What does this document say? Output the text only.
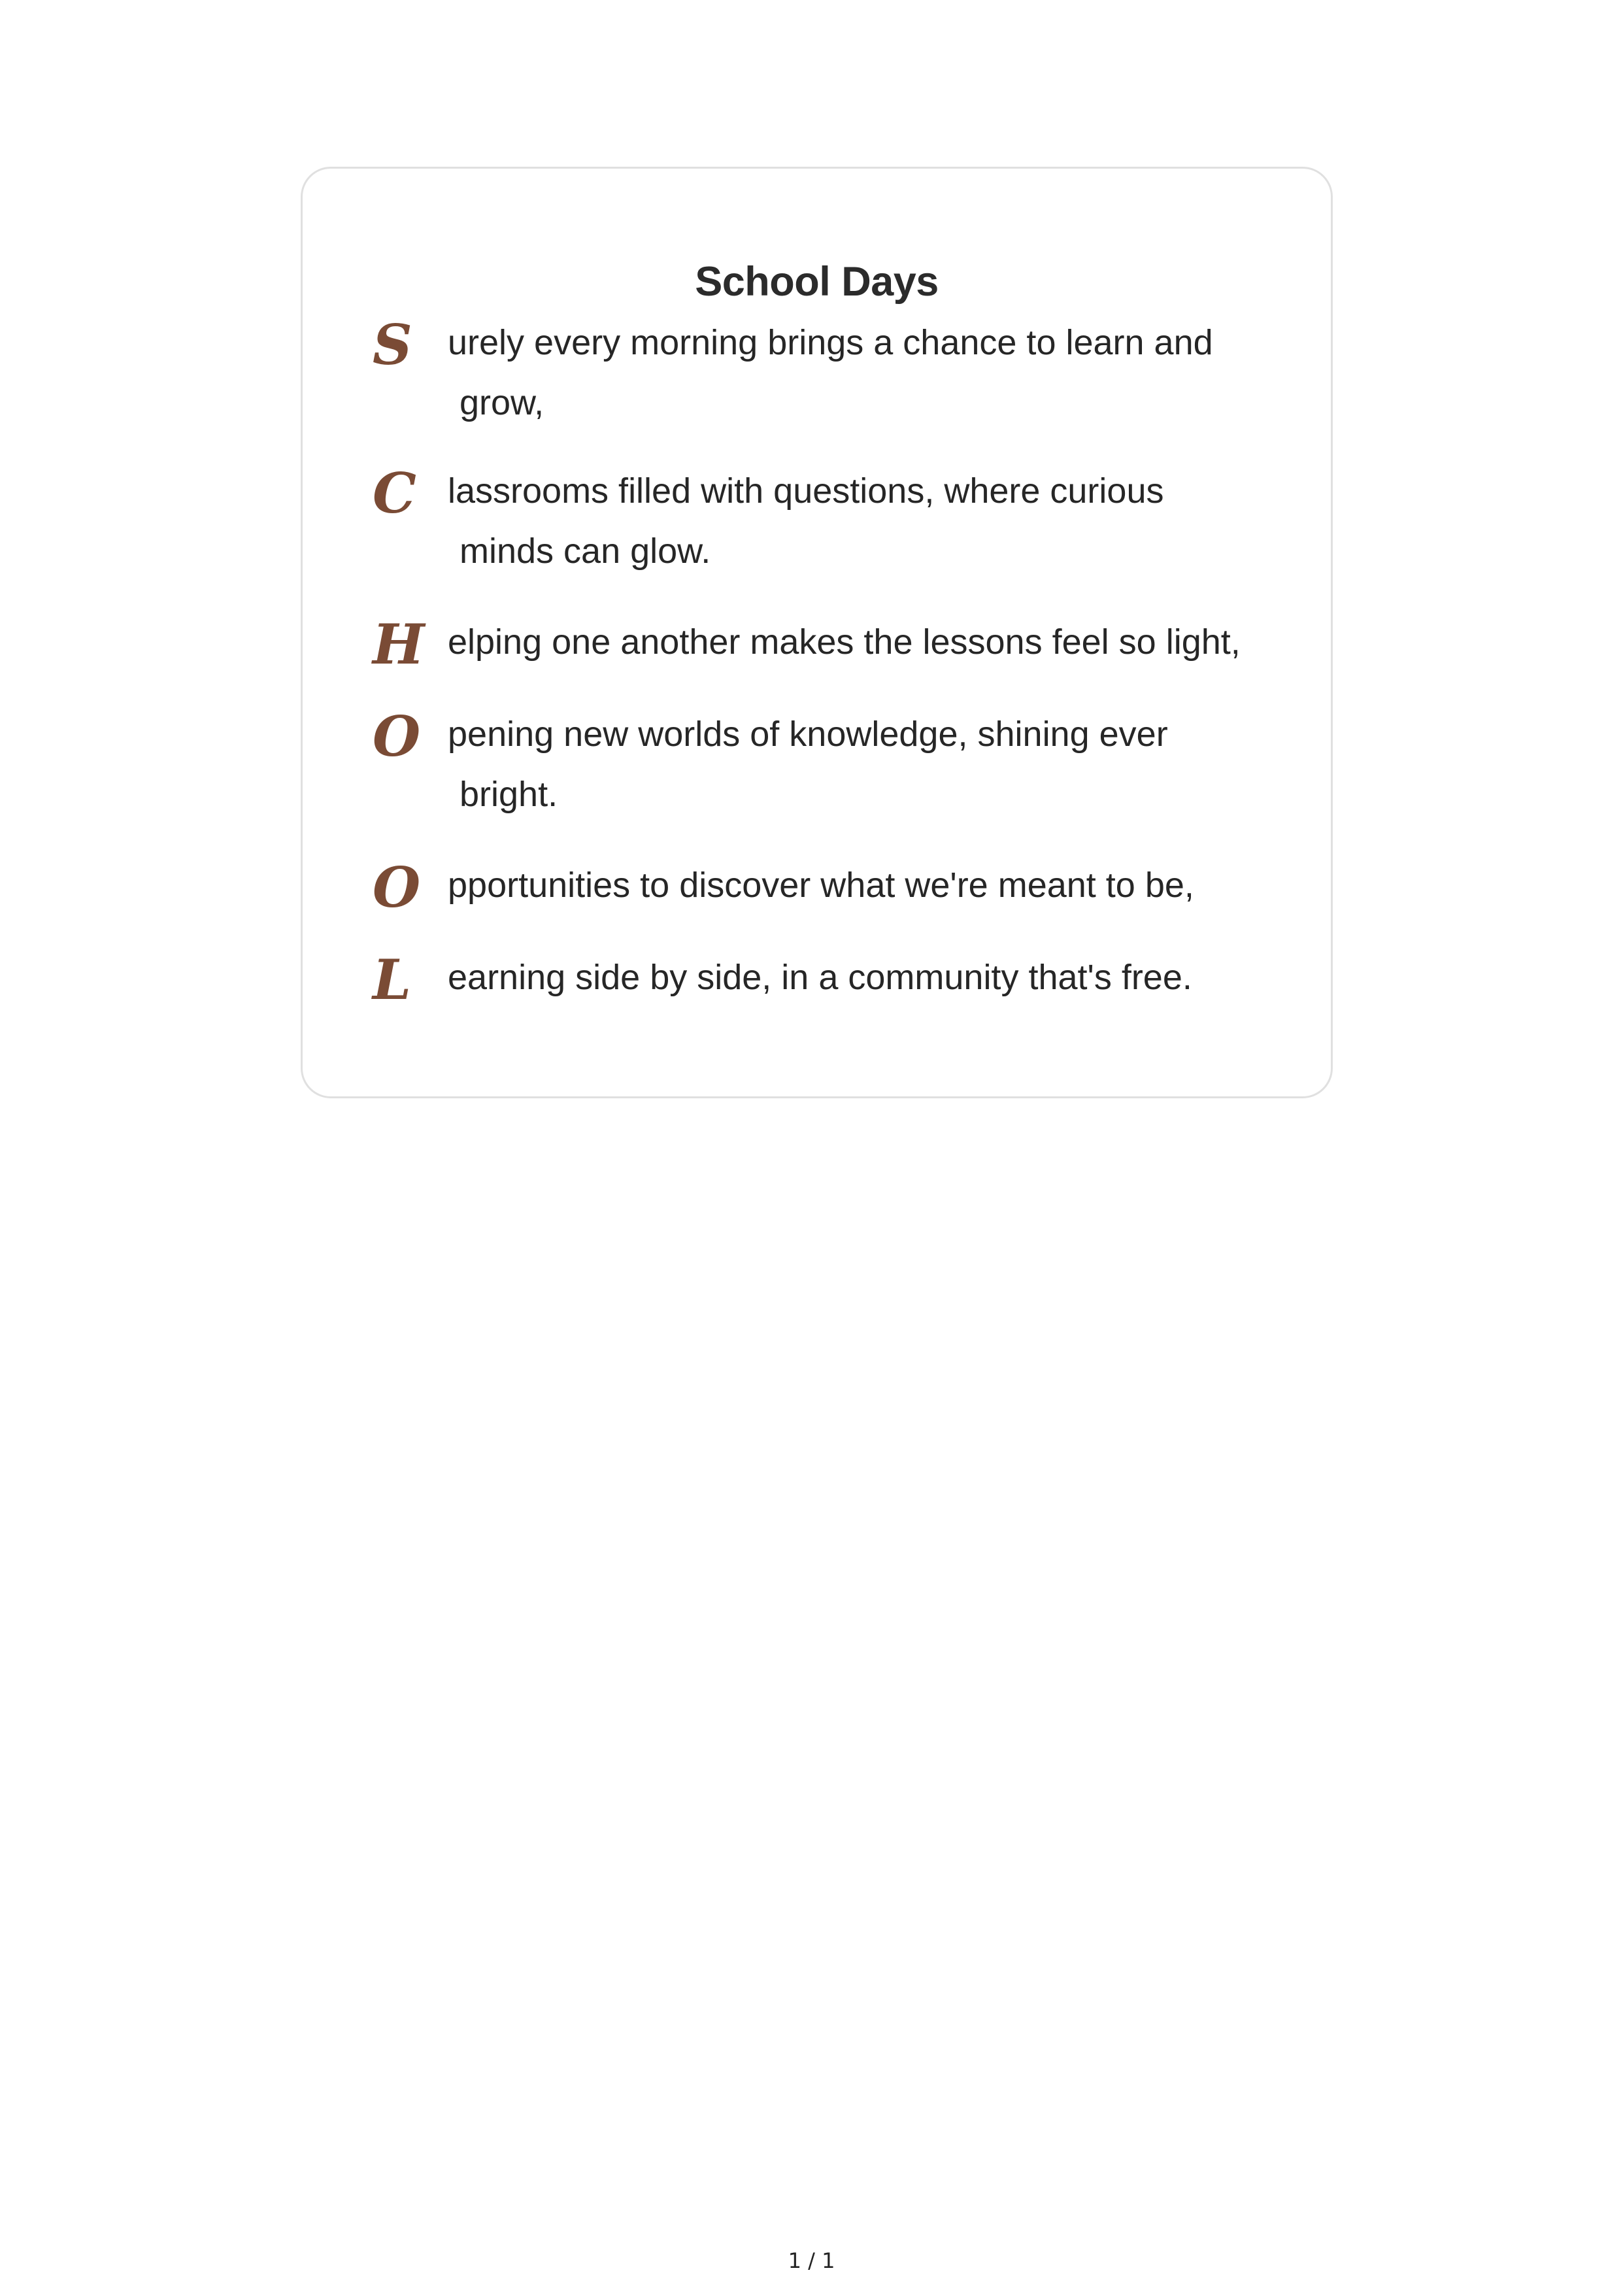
School Days
S urely every morning brings a chance to learn and
grow,
C lassrooms filled with questions, where curious
minds can glow.
H elping one another makes the lessons feel so light,
O pening new worlds of knowledge, shining ever
bright.
O pportunities to discover what we're meant to be,
L earning side by side, in a community that's free.
1 / 1
